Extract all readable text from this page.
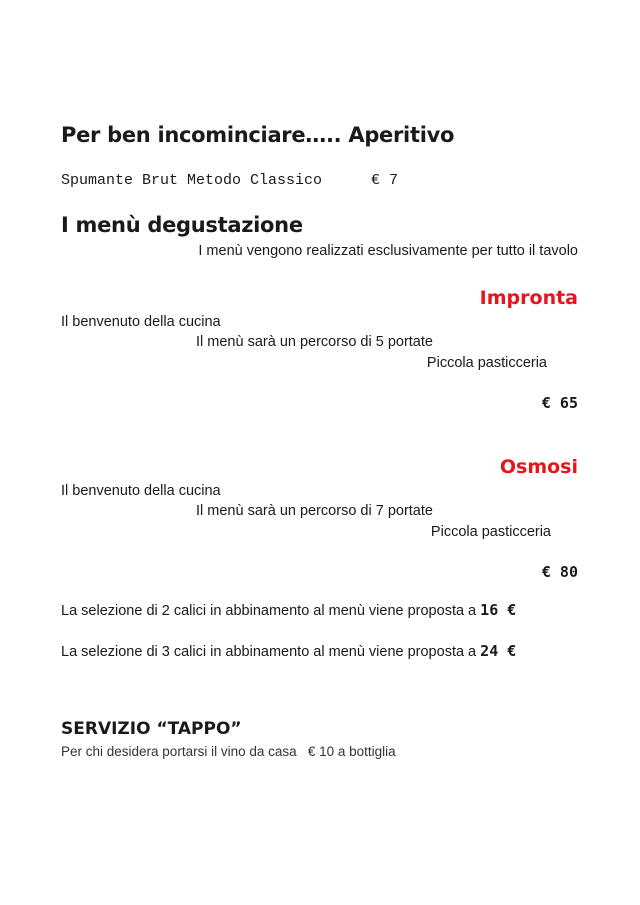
Per ben incominciare….. Aperitivo
Spumante Brut Metodo Classico	€ 7
I menù degustazione
I menù vengono realizzati esclusivamente per tutto il tavolo
Impronta
Il benvenuto della cucina
Il menù sarà un percorso di 5 portate
Piccola pasticceria
€ 65
Osmosi
Il benvenuto della cucina
Il menù sarà un percorso di 7 portate
Piccola pasticceria
€ 80
La selezione di 2 calici in abbinamento al menù viene proposta a 16 €
La selezione di 3 calici in abbinamento al menù viene proposta a 24 €
SERVIZIO “TAPPO”
Per chi desidera portarsi il vino da casa   € 10 a bottiglia
